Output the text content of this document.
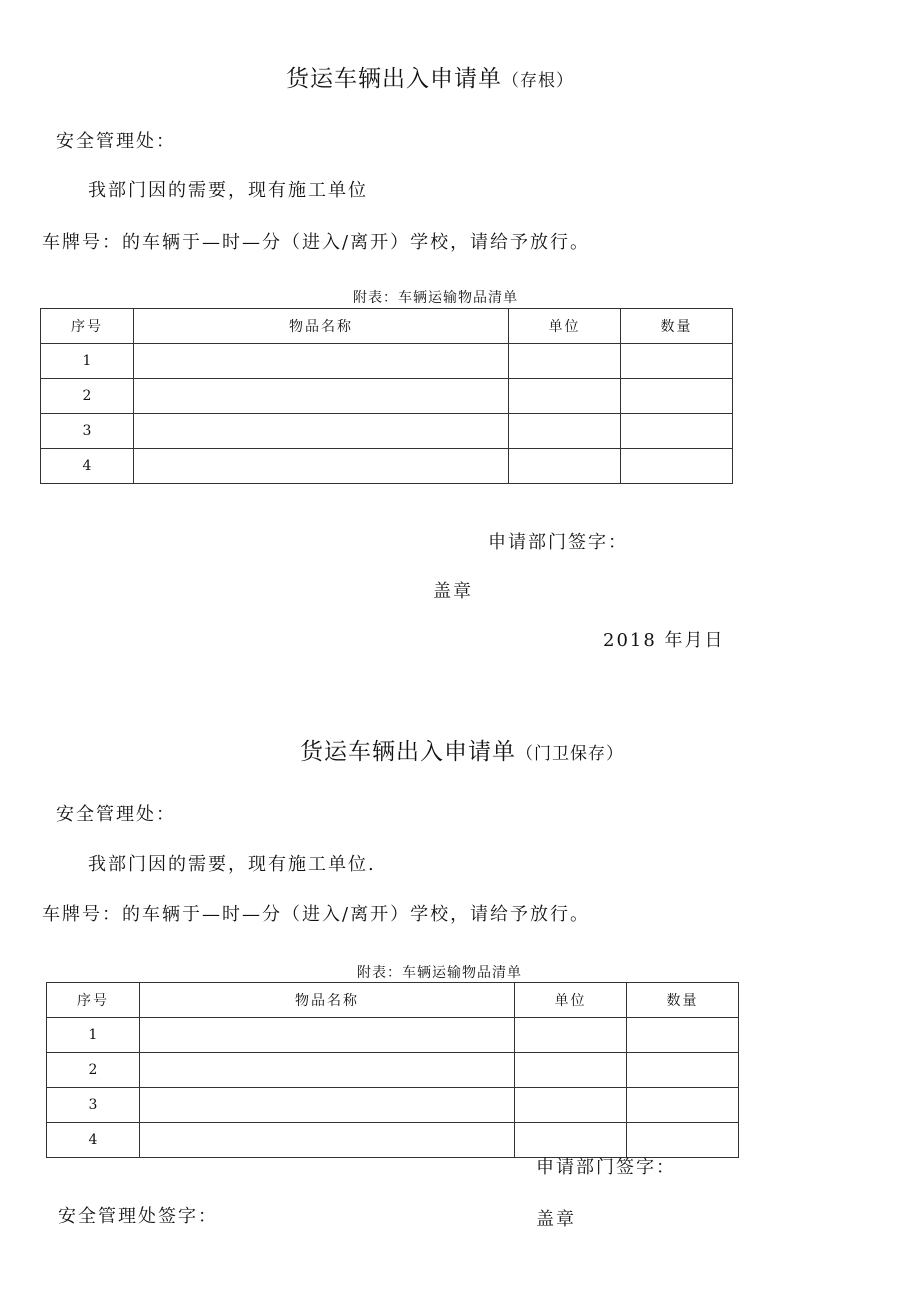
货运车辆出入申请单（存根）
安全管理处：
我部门因的需要，现有施工单位
车牌号：的车辆于—时—分（进入/离开）学校，请给予放行。
附表：车辆运输物品清单
序号	物品名称	单位	数量
1			
2			
3			
4			
申请部门签字：
盖章
2018 年月日
货运车辆出入申请单（门卫保存）
安全管理处：
我部门因的需要，现有施工单位.
车牌号：的车辆于—时—分（进入/离开）学校，请给予放行。
附表：车辆运输物品清单
序号	物品名称	单位	数量
1			
2			
3			
4			
申请部门签字：
安全管理处签字：	盖章
